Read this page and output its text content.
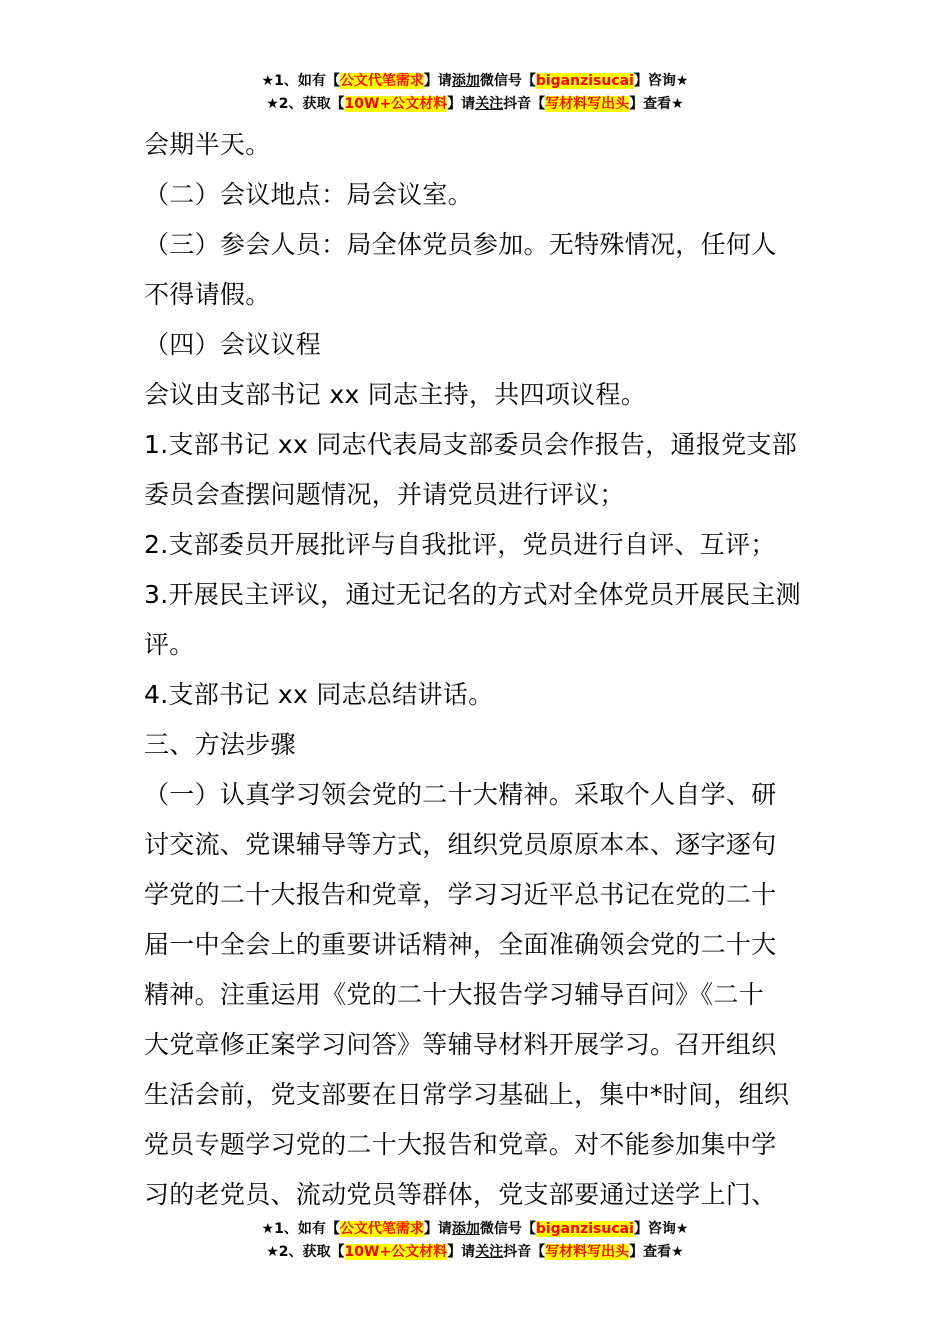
★1、如有【公文代笔需求】请添加微信号【biganzisucai】咨询★
★2、获取【10W+公文材料】请关注抖音【写材料写出头】查看★

会期半天。

（二）会议地点：局会议室。

（三）参会人员：局全体党员参加。无特殊情况，任何人

不得请假。

（四）会议议程

会议由支部书记 xx 同志主持，共四项议程。

1.支部书记 xx 同志代表局支部委员会作报告，通报党支部

委员会查摆问题情况，并请党员进行评议；

2.支部委员开展批评与自我批评，党员进行自评、互评；

3.开展民主评议，通过无记名的方式对全体党员开展民主测

评。

4.支部书记 xx 同志总结讲话。

三、方法步骤

（一）认真学习领会党的二十大精神。采取个人自学、研

讨交流、党课辅导等方式，组织党员原原本本、逐字逐句

学党的二十大报告和党章，学习习近平总书记在党的二十

届一中全会上的重要讲话精神，全面准确领会党的二十大

精神。注重运用《党的二十大报告学习辅导百问》《二十

大党章修正案学习问答》等辅导材料开展学习。召开组织

生活会前，党支部要在日常学习基础上，集中*时间，组织

党员专题学习党的二十大报告和党章。对不能参加集中学

习的老党员、流动党员等群体，党支部要通过送学上门、

★1、如有【公文代笔需求】请添加微信号【biganzisucai】咨询★
★2、获取【10W+公文材料】请关注抖音【写材料写出头】查看★
